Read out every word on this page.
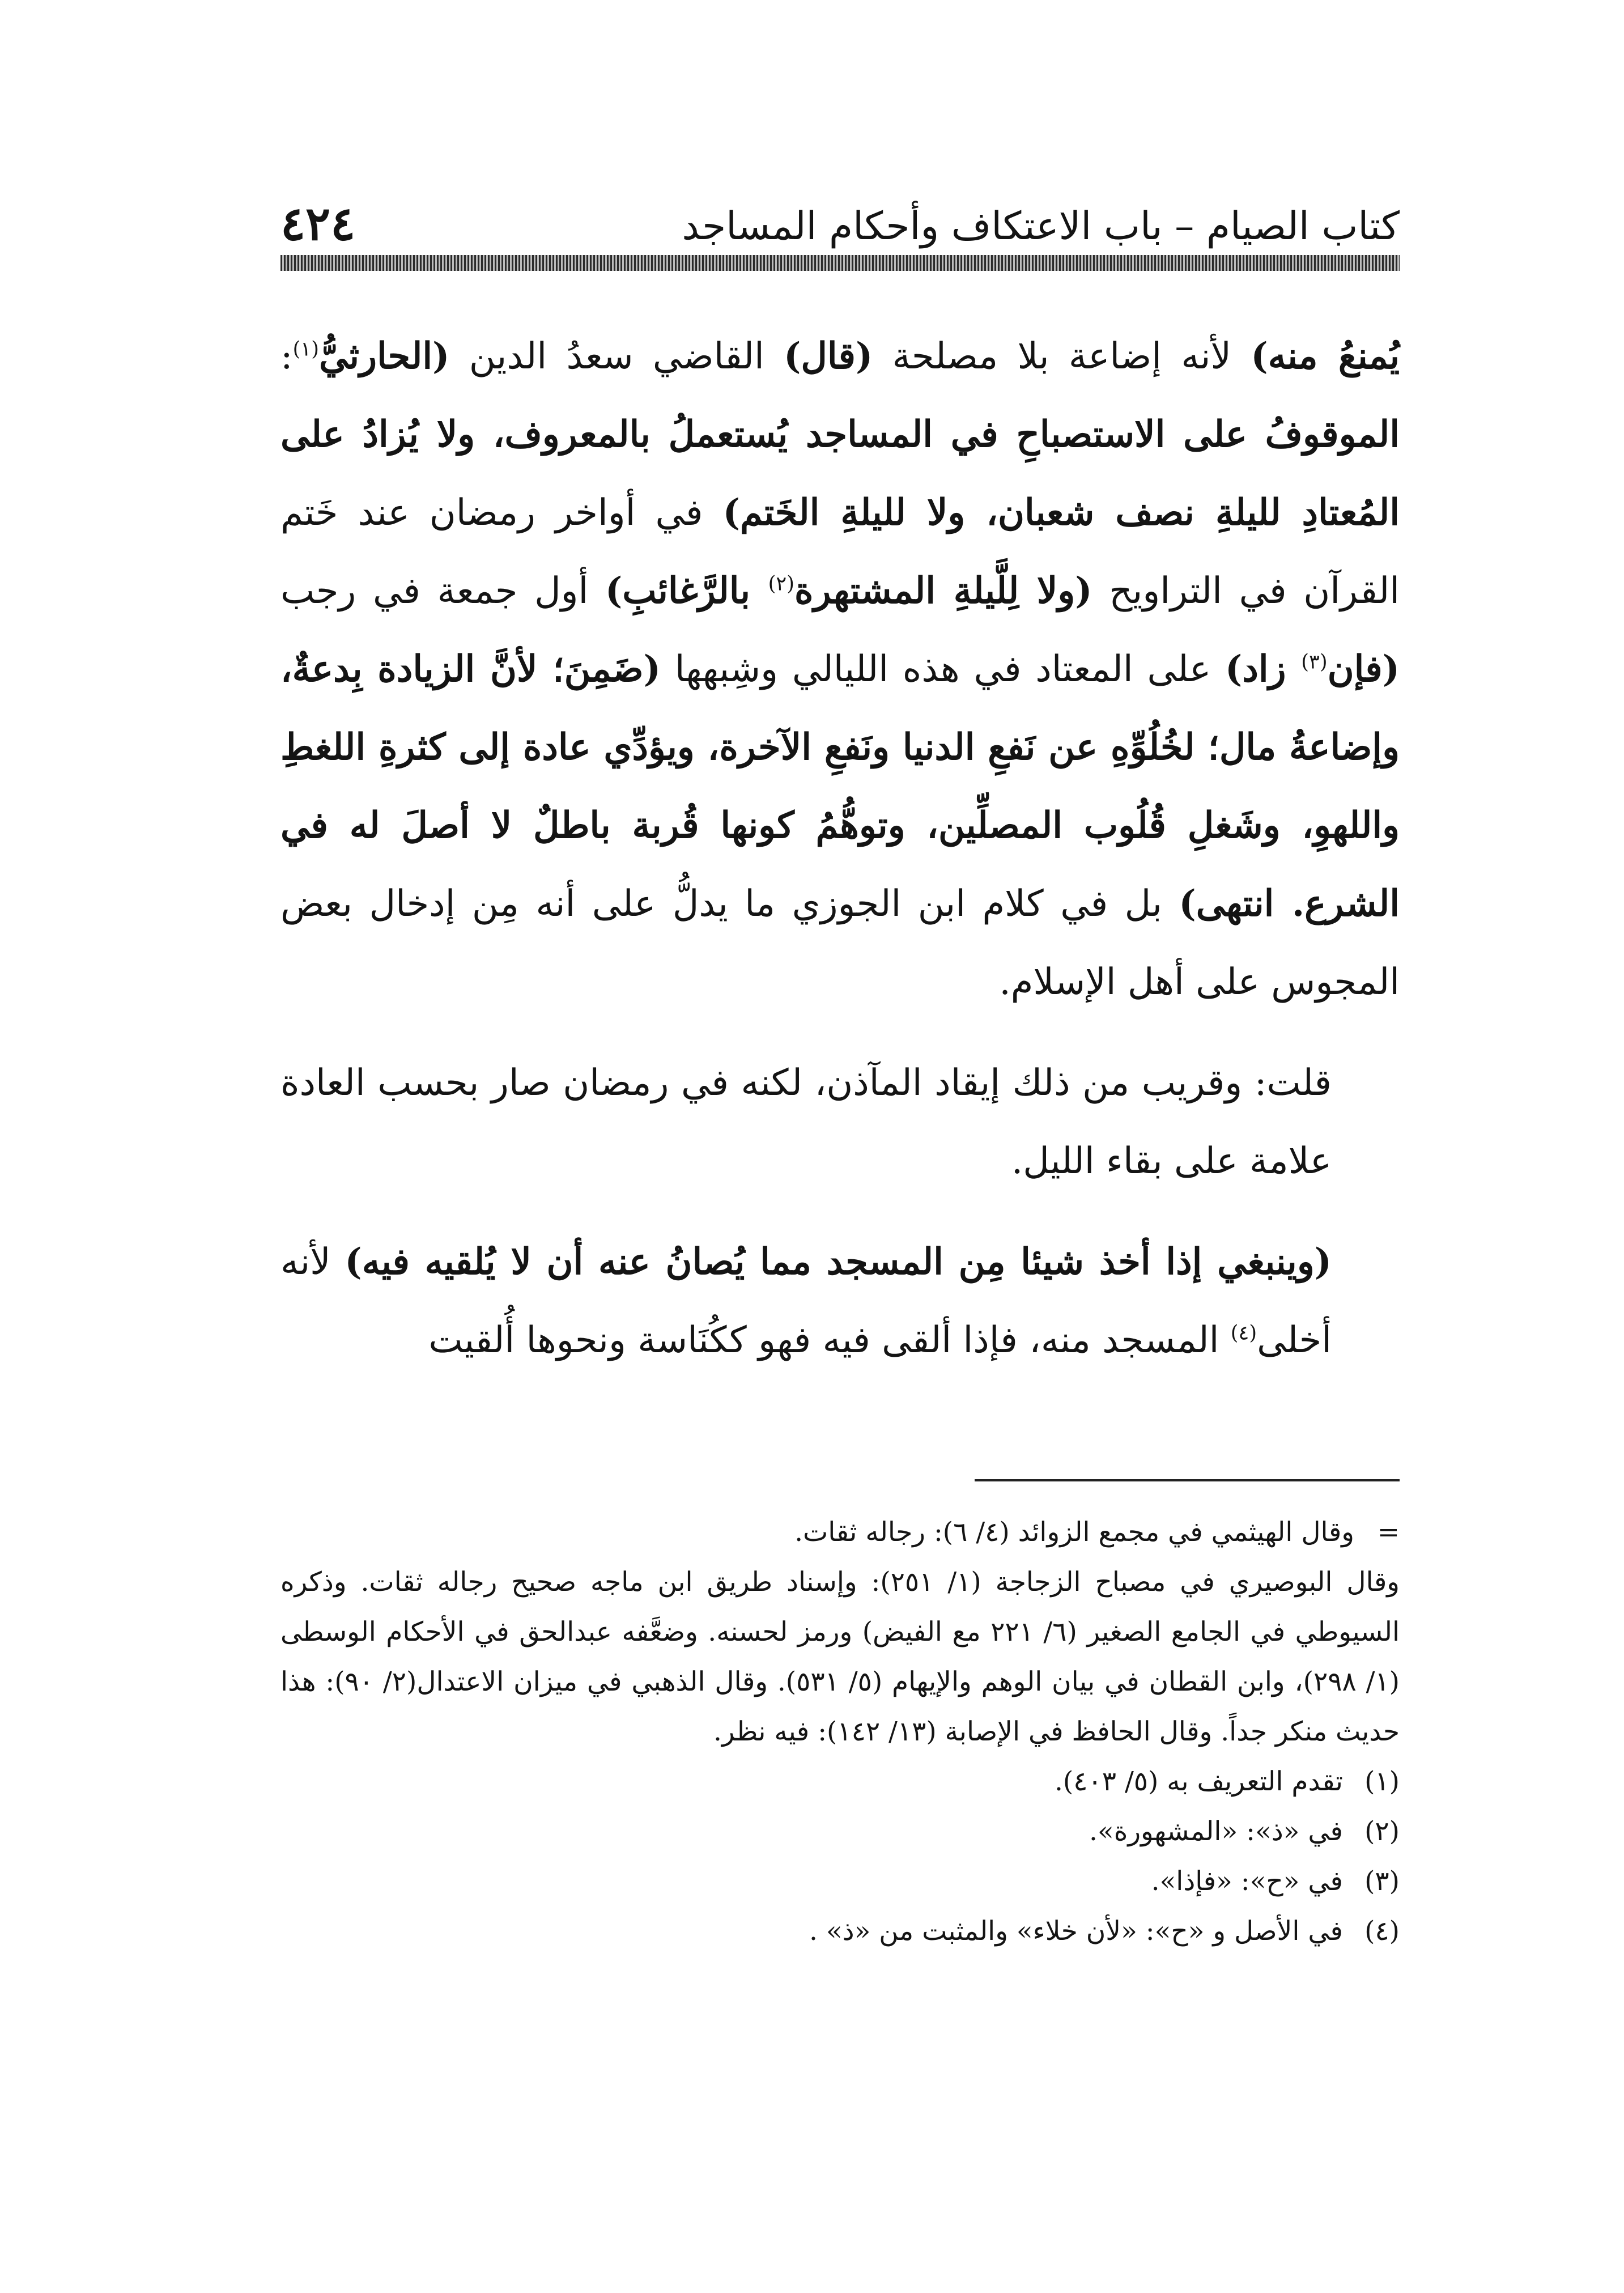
٤٢٤	كتاب الصيام – باب الاعتكاف وأحكام المساجد

يُمنعُ منه) لأنه إضاعة بلا مصلحة (قال) القاضي سعدُ الدين (الحارثيُّ$^{(١)}$: الموقوفُ على الاستصباحِ في المساجد يُستعملُ بالمعروف، ولا يُزادُ على المُعتادِ لليلةِ نصف شعبان، ولا لليلةِ الخَتم) في أواخر رمضان عند خَتم القرآن في التراويح (ولا لِلَّيلةِ المشتهرة$^{(٢)}$ بالرَّغائبِ) أول جمعة في رجب (فإن$^{(٣)}$ زاد) على المعتاد في هذه الليالي وشِبهها (ضَمِنَ؛ لأنَّ الزيادة بِدعةٌ، وإضاعةُ مال؛ لخُلُوِّهِ عن نَفعِ الدنيا ونَفعِ الآخرة، ويؤدِّي عادة إلى كثرةِ اللغطِ واللهوِ، وشَغلِ قُلُوب المصلِّين، وتوهُّمُ كونها قُربة باطلٌ لا أصلَ له في الشرع. انتهى) بل في كلام ابن الجوزي ما يدلُّ على أنه مِن إدخال بعض المجوس على أهل الإسلام.

قلت: وقريب من ذلك إيقاد المآذن، لكنه في رمضان صار بحسب العادة علامة على بقاء الليل.

(وينبغي إذا أخذ شيئا مِن المسجد مما يُصانُ عنه أن لا يُلقيه فيه) لأنه أخلى$^{(٤)}$ المسجد منه، فإذا ألقى فيه فهو ككُنَاسة ونحوها أُلقيت

=وقال الهيثمي في مجمع الزوائد (٤/ ٦): رجاله ثقات.

وقال البوصيري في مصباح الزجاجة (١/ ٢٥١): وإسناد طريق ابن ماجه صحيح رجاله ثقات. وذكره السيوطي في الجامع الصغير (٦/ ٢٢١ مع الفيض) ورمز لحسنه. وضعَّفه عبدالحق في الأحكام الوسطى (١/ ٢٩٨)، وابن القطان في بيان الوهم والإيهام (٥/ ٥٣١). وقال الذهبي في ميزان الاعتدال(٢/ ٩٠): هذا حديث منكر جداً. وقال الحافظ في الإصابة (١٣/ ١٤٢): فيه نظر.

(١)تقدم التعريف به (٥/ ٤٠٣).
(٢)في «ذ»: «المشهورة».
(٣)في «ح»: «فإذا».
(٤)في الأصل و «ح»: «لأن خلاء» والمثبت من «ذ» .
